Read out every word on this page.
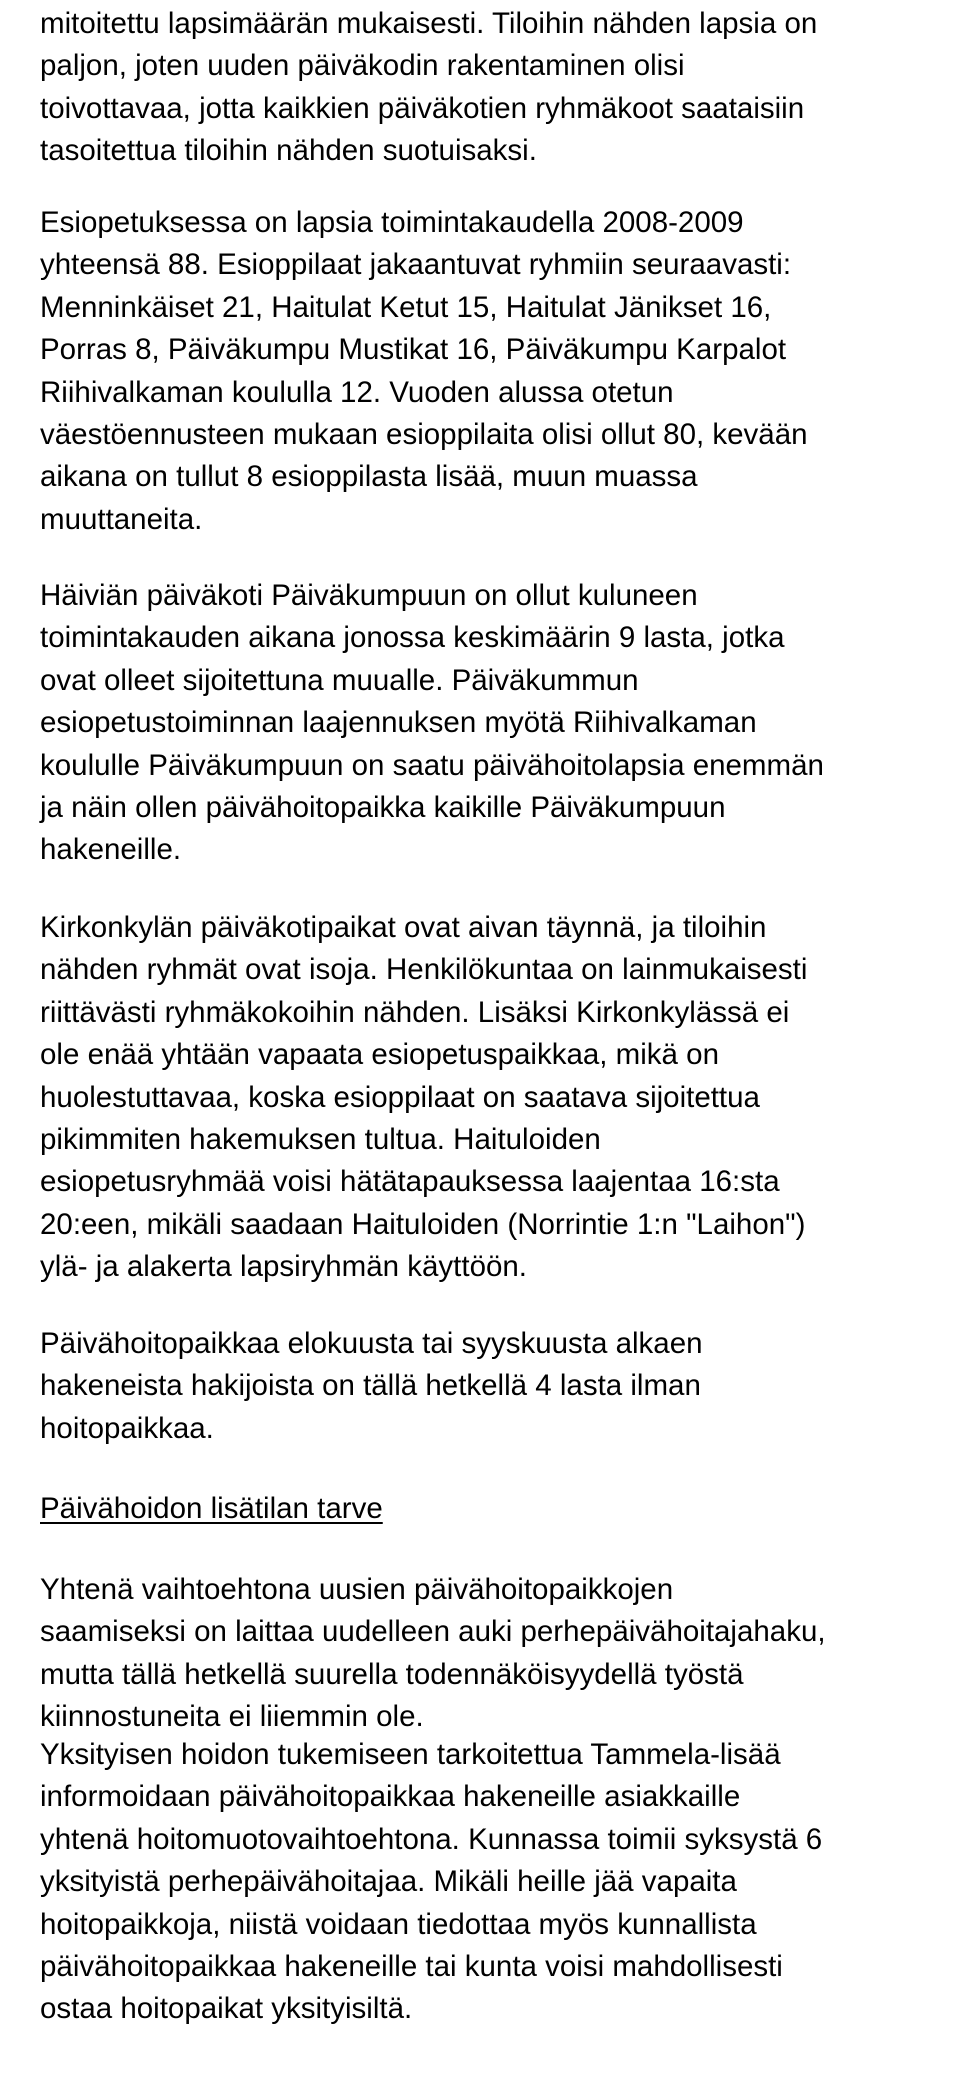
mitoitettu lapsimäärän mukaisesti. Tiloihin nähden lapsia on
paljon, joten uuden päiväkodin rakentaminen olisi
toivottavaa, jotta kaikkien päiväkotien ryhmäkoot saataisiin
tasoitettua tiloihin nähden suotuisaksi.
Esiopetuksessa on lapsia toimintakaudella 2008-2009
yhteensä 88. Esioppilaat jakaantuvat ryhmiin seuraavasti:
Menninkäiset 21, Haitulat Ketut 15, Haitulat Jänikset 16,
Porras 8, Päiväkumpu Mustikat 16, Päiväkumpu Karpalot
Riihivalkaman koululla 12. Vuoden alussa otetun
väestöennusteen mukaan esioppilaita olisi ollut 80, kevään
aikana on tullut 8 esioppilasta lisää, muun muassa
muuttaneita.
Häiviän päiväkoti Päiväkumpuun on ollut kuluneen
toimintakauden aikana jonossa keskimäärin 9 lasta, jotka
ovat olleet sijoitettuna muualle. Päiväkummun
esiopetustoiminnan laajennuksen myötä Riihivalkaman
koululle Päiväkumpuun on saatu päivähoitolapsia enemmän
ja näin ollen päivähoitopaikka kaikille Päiväkumpuun
hakeneille.
Kirkonkylän päiväkotipaikat ovat aivan täynnä, ja tiloihin
nähden ryhmät ovat isoja. Henkilökuntaa on lainmukaisesti
riittävästi ryhmäkokoihin nähden. Lisäksi Kirkonkylässä ei
ole enää yhtään vapaata esiopetuspaikkaa, mikä on
huolestuttavaa, koska esioppilaat on saatava sijoitettua
pikimmiten hakemuksen tultua. Haituloiden
esiopetusryhmää voisi hätätapauksessa laajentaa 16:sta
20:een, mikäli saadaan Haituloiden (Norrintie 1:n "Laihon")
ylä- ja alakerta lapsiryhmän käyttöön.
Päivähoitopaikkaa elokuusta tai syyskuusta alkaen
hakeneista hakijoista on tällä hetkellä 4 lasta ilman
hoitopaikkaa.
Päivähoidon lisätilan tarve
Yhtenä vaihtoehtona uusien päivähoitopaikkojen
saamiseksi on laittaa uudelleen auki perhepäivähoitajahaku,
mutta tällä hetkellä suurella todennäköisyydellä työstä
kiinnostuneita ei liiemmin ole.
Yksityisen hoidon tukemiseen tarkoitettua Tammela-lisää
informoidaan päivähoitopaikkaa hakeneille asiakkaille
yhtenä hoitomuotovaihtoehtona. Kunnassa toimii syksystä 6
yksityistä perhepäivähoitajaa. Mikäli heille jää vapaita
hoitopaikkoja, niistä voidaan tiedottaa myös kunnallista
päivähoitopaikkaa hakeneille tai kunta voisi mahdollisesti
ostaa hoitopaikat yksityisiltä.
